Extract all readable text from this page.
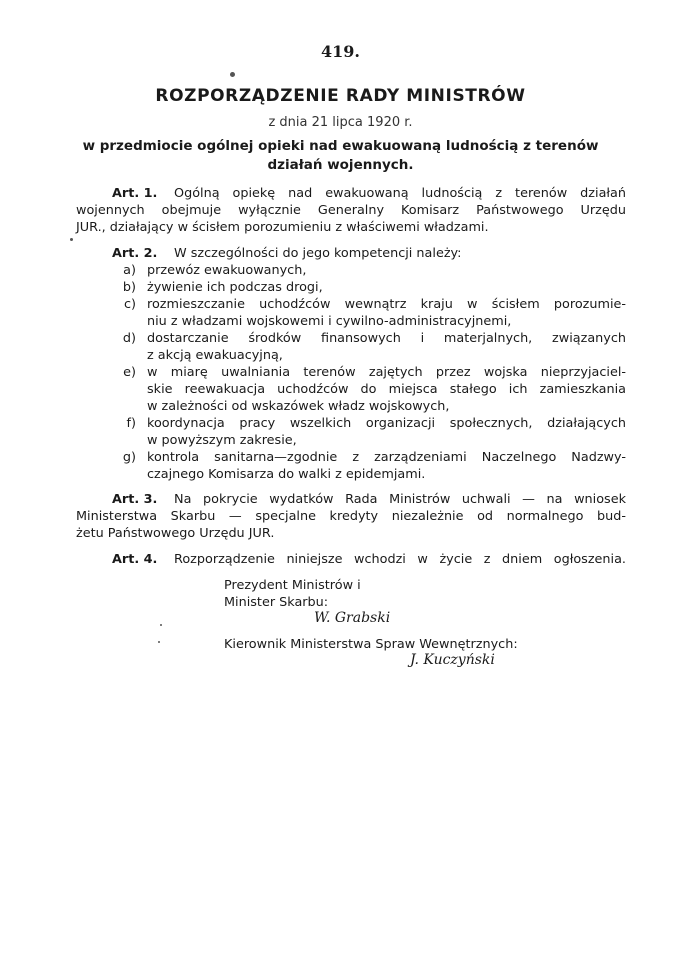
419.
ROZPORZĄDZENIE RADY MINISTRÓW
z dnia 21 lipca 1920 r.
w przedmiocie ogólnej opieki nad ewakuowaną ludnością z terenów działań wojennych.
Art. 1. Ogólną opiekę nad ewakuowaną ludnością z terenów działań
wojennych obejmuje wyłącznie Generalny Komisarz Państwowego Urzędu
JUR., działający w ścisłem porozumieniu z właściwemi władzami.
Art. 2. W szczególności do jego kompetencji należy:
a) przewóz ewakuowanych,
b) żywienie ich podczas drogi,
c) rozmieszczanie uchodźców wewnątrz kraju w ścisłem porozumie-
niu z władzami wojskowemi i cywilno-administracyjnemi,
d) dostarczanie środków finansowych i materjalnych, związanych
z akcją ewakuacyjną,
e) w miarę uwalniania terenów zajętych przez wojska nieprzyjaciel-
skie reewakuacja uchodźców do miejsca stałego ich zamieszkania
w zależności od wskazówek władz wojskowych,
f) koordynacja pracy wszelkich organizacji społecznych, działających
w powyższym zakresie,
g) kontrola sanitarna—zgodnie z zarządzeniami Naczelnego Nadzwy-
czajnego Komisarza do walki z epidemjami.
Art. 3. Na pokrycie wydatków Rada Ministrów uchwali — na wniosek
Ministerstwa Skarbu — specjalne kredyty niezależnie od normalnego bud-
żetu Państwowego Urzędu JUR.
Art. 4. Rozporządzenie niniejsze wchodzi w życie z dniem ogłoszenia.
Prezydent Ministrów i
Minister Skarbu:
W. Grabski
Kierownik Ministerstwa Spraw Wewnętrznych:
J. Kuczyński
